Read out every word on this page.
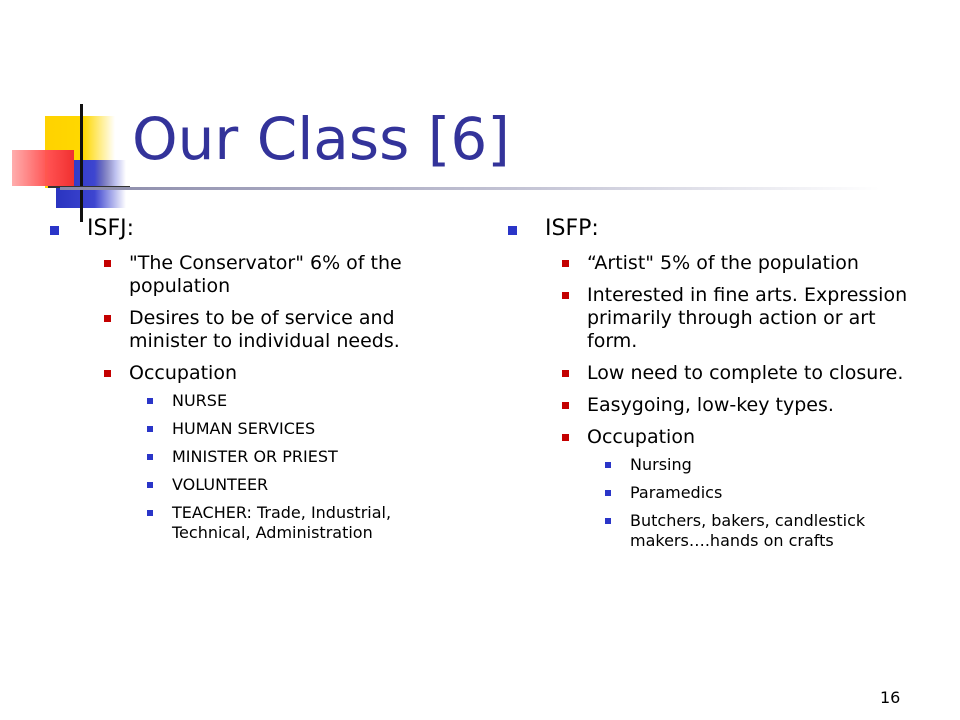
Our Class [6]
ISFJ:
"The Conservator" 6% of the population
Desires to be of service and minister to individual needs.
Occupation
NURSE
HUMAN SERVICES
MINISTER OR PRIEST
VOLUNTEER
TEACHER: Trade, Industrial, Technical, Administration
ISFP:
“Artist" 5% of the population
Interested in fine arts. Expression primarily through action or art form.
Low need to complete to closure.
Easygoing, low-key types.
Occupation
Nursing
Paramedics
Butchers, bakers, candlestick makers….hands on crafts
16
